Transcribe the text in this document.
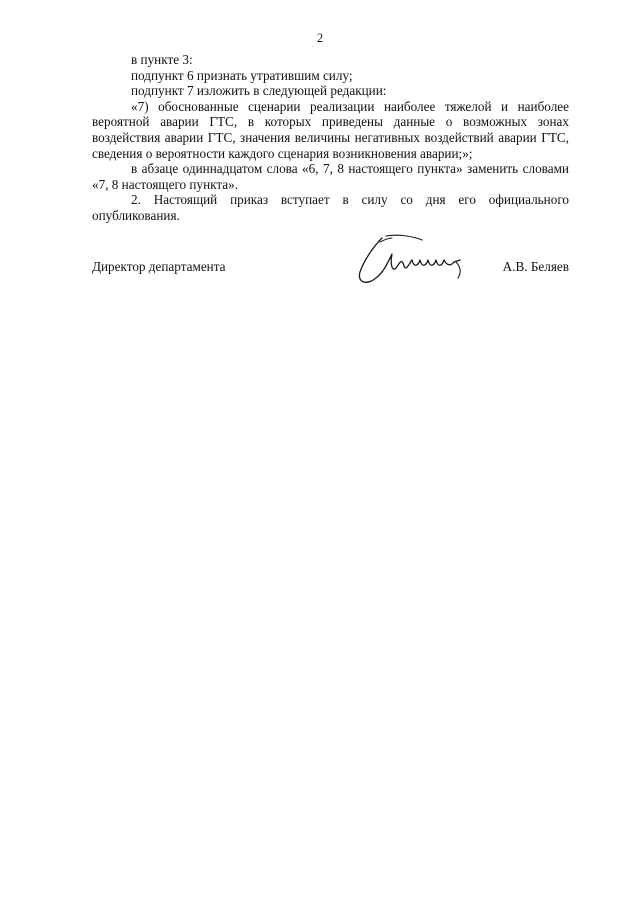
2

в пункте 3:

подпункт 6 признать утратившим силу;

подпункт 7 изложить в следующей редакции:

«7) обоснованные сценарии реализации наиболее тяжелой и наиболее вероятной аварии ГТС, в которых приведены данные о возможных зонах воздействия аварии ГТС, значения величины негативных воздействий аварии ГТС, сведения о вероятности каждого сценария возникновения аварии;»;

в абзаце одиннадцатом слова «6, 7, 8 настоящего пункта» заменить словами «7, 8 настоящего пункта».

2. Настоящий приказ вступает в силу со дня его официального опубликования.

Директор департамента	А.В. Беляев
